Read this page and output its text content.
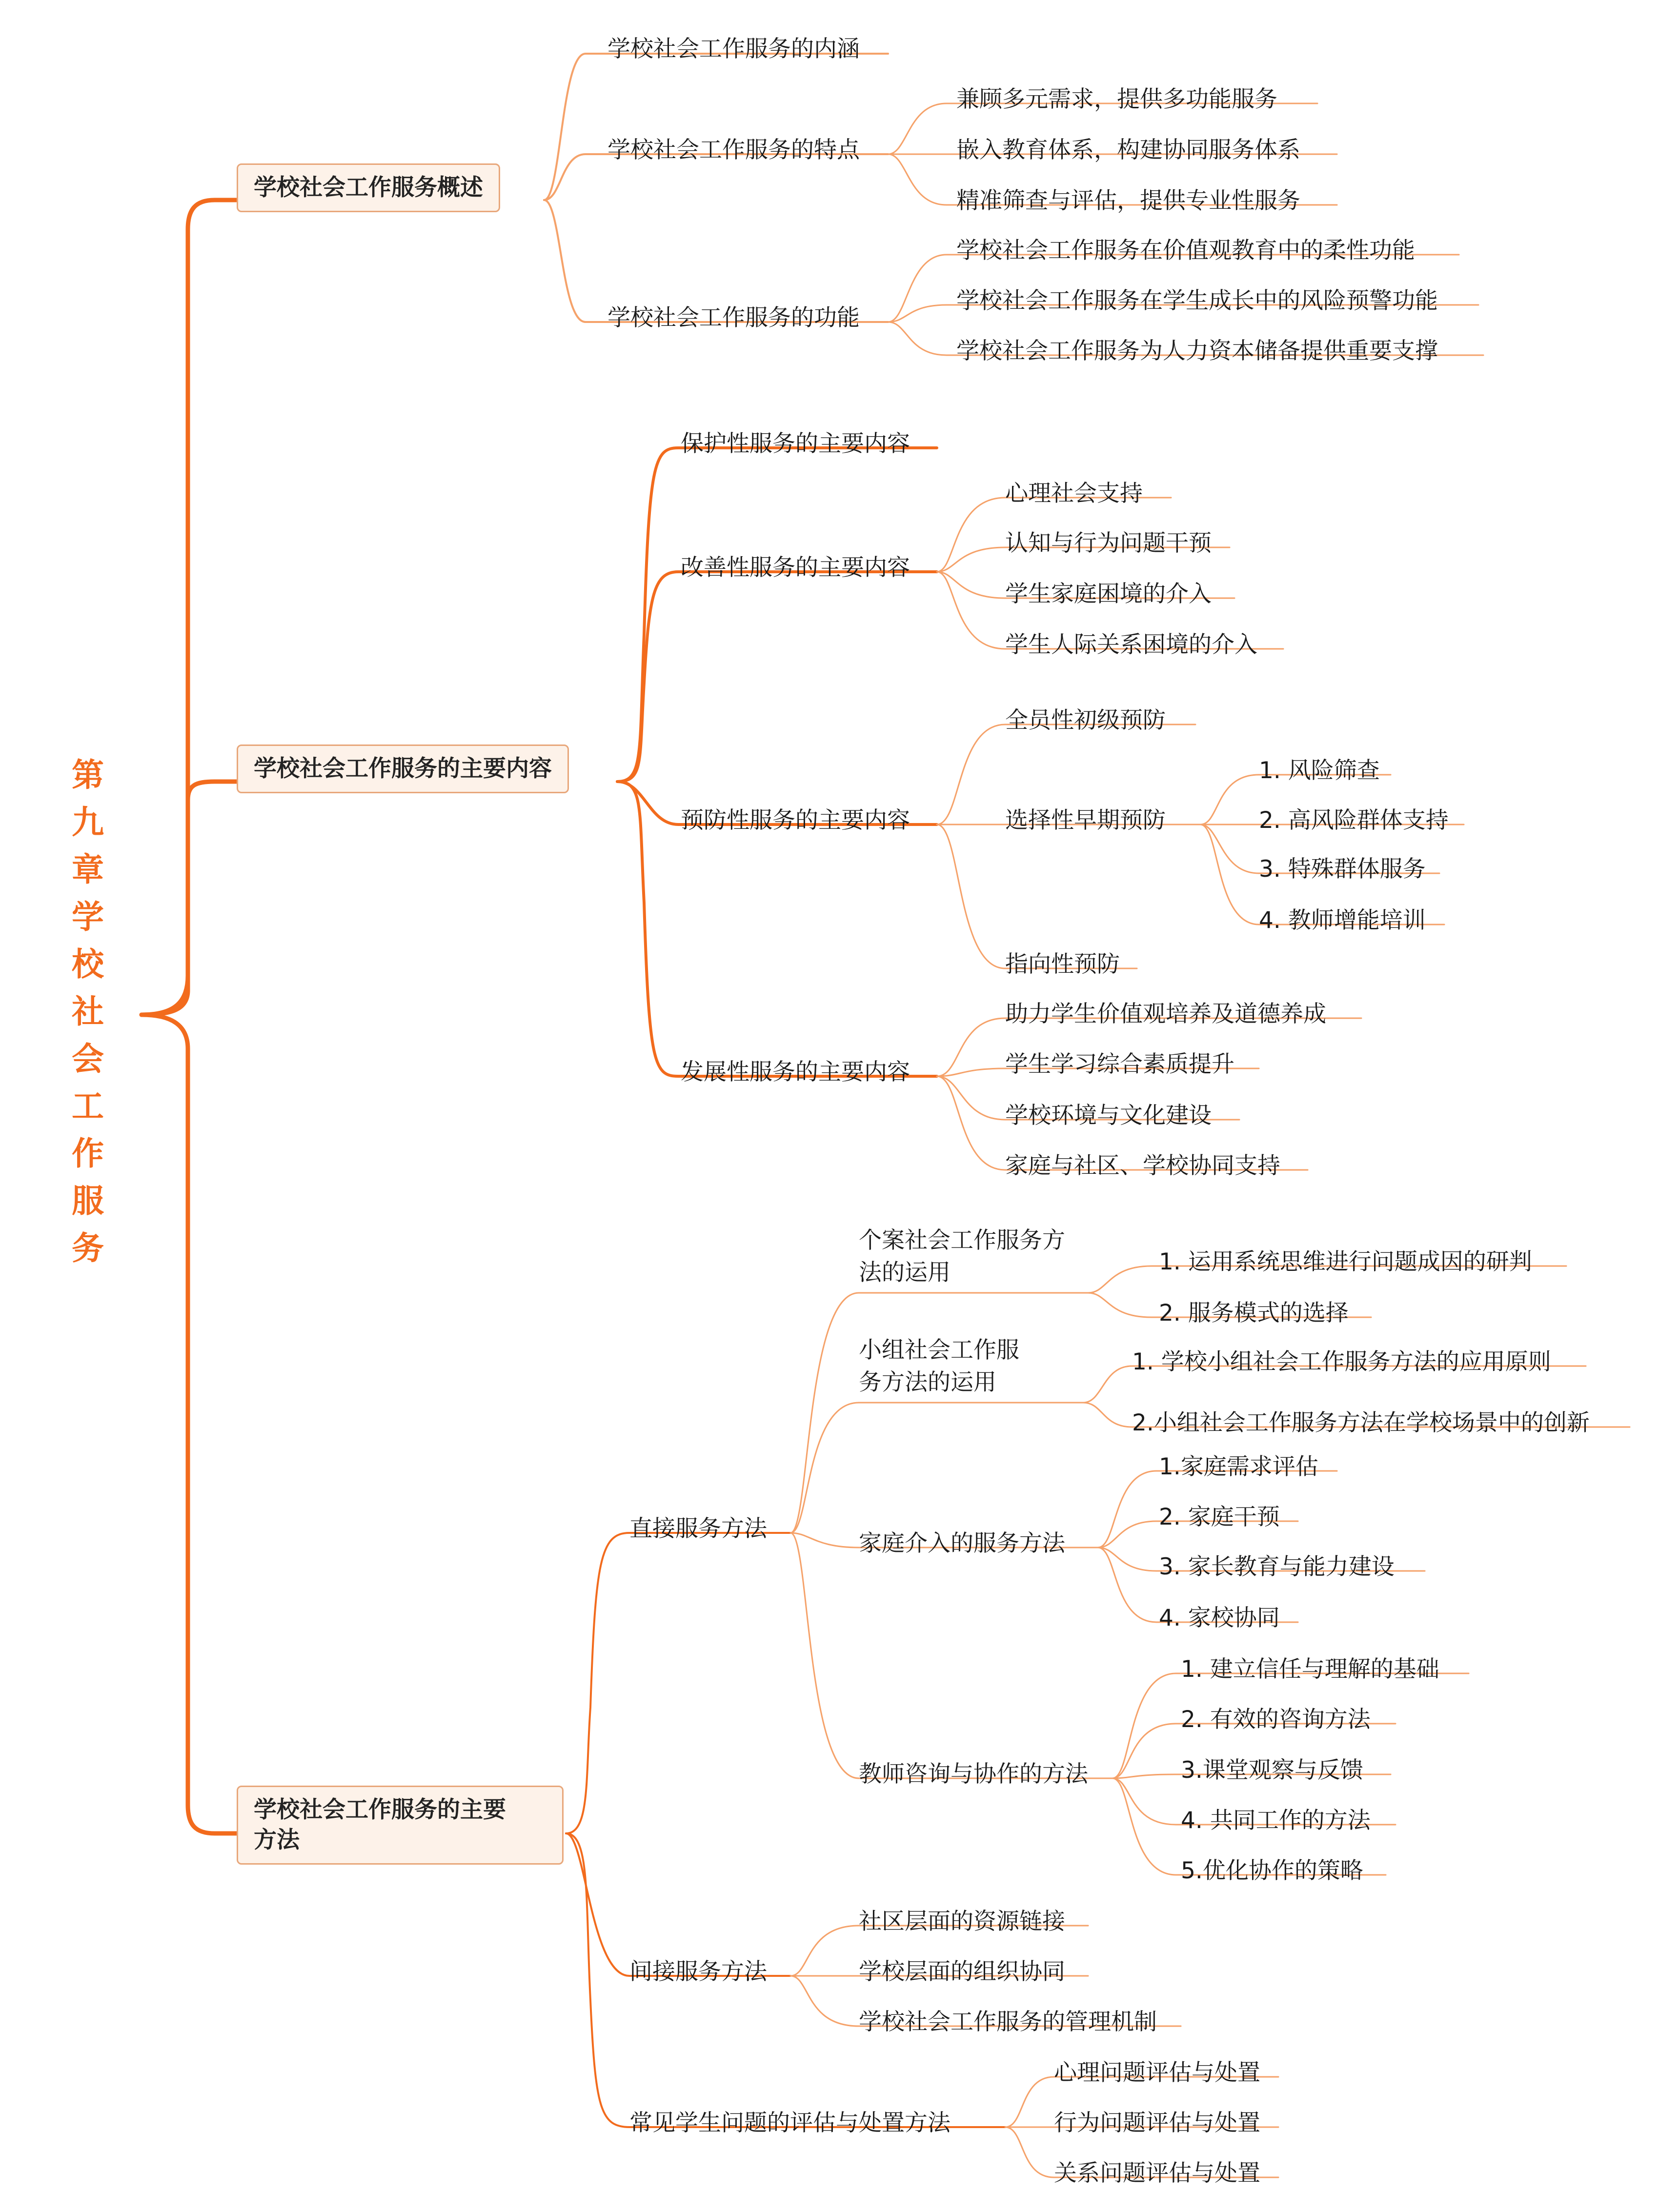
第
九
章
学
校
社
会
工
作
服
务
学校社会工作服务概述
学校社会工作服务的内涵
学校社会工作服务的特点
兼顾多元需求，提供多功能服务
嵌入教育体系，构建协同服务体系
精准筛查与评估，提供专业性服务
学校社会工作服务的功能
学校社会工作服务在价值观教育中的柔性功能
学校社会工作服务在学生成长中的风险预警功能
学校社会工作服务为人力资本储备提供重要支撑
学校社会工作服务的主要内容
保护性服务的主要内容
改善性服务的主要内容
心理社会支持
认知与行为问题干预
学生家庭困境的介入
学生人际关系困境的介入
预防性服务的主要内容
全员性初级预防
选择性早期预防
1. 风险筛查
2. 高风险群体支持
3. 特殊群体服务
4. 教师增能培训
指向性预防
发展性服务的主要内容
助力学生价值观培养及道德养成
学生学习综合素质提升
学校环境与文化建设
家庭与社区、学校协同支持
学校社会工作服务的主要
方法
直接服务方法
个案社会工作服务方
法的运用	1. 运用系统思维进行问题成因的研判
2. 服务模式的选择
小组社会工作服
务方法的运用
1. 学校小组社会工作服务方法的应用原则
2.小组社会工作服务方法在学校场景中的创新
家庭介入的服务方法
1.家庭需求评估
2. 家庭干预
3. 家长教育与能力建设
4. 家校协同
教师咨询与协作的方法
1. 建立信任与理解的基础
2. 有效的咨询方法
3.课堂观察与反馈
4. 共同工作的方法
5.优化协作的策略
间接服务方法
社区层面的资源链接
学校层面的组织协同
学校社会工作服务的管理机制
常见学生问题的评估与处置方法
心理问题评估与处置
行为问题评估与处置
关系问题评估与处置
